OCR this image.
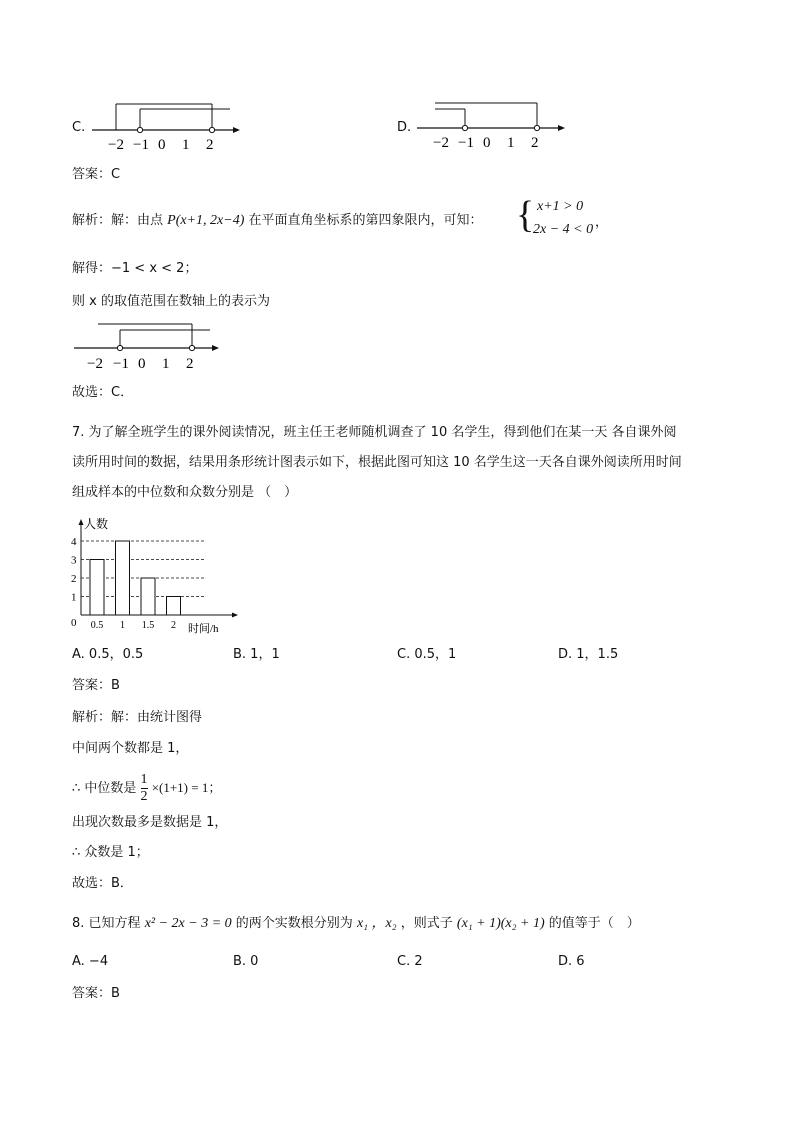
C.
−2 −1 0 1 2
D.
−2 −1 0 1 2
答案：C
解析：解：由点 P(x+1, 2x−4) 在平面直角坐标系的第四象限内，可知： { x+1 > 0
2x − 4 < 0 ，
解得：−1 < x < 2；
则 x 的取值范围在数轴上的表示为
−2 −1 0 1 2
故选：C．
7. 为了解全班学生的课外阅读情况，班主任王老师随机调查了 10 名学生，得到他们在某一天 各自课外阅
读所用时间的数据，结果用条形统计图表示如下，根据此图可知这 10 名学生这一天各自课外阅读所用时间
组成样本的中位数和众数分别是 （　）
人数
时间/h
0
1
2
3
4
0.5 1 1.5 2
A. 0.5，0.5	B. 1，1	C. 0.5，1	D. 1，1.5
答案：B
解析：解：由统计图得
中间两个数都是 1，
∴ 中位数是 $\frac{1}{2} \times(1+1) = 1$；
出现次数最多是数据是 1，
∴ 众数是 1；
故选：B．
8. 已知方程 x² − 2x − 3 = 0 的两个实数根分别为 x₁ ，x₂ ，则式子 (x₁ + 1)(x₂ + 1) 的值等于（　）
A. −4	B. 0	C. 2	D. 6
答案：B
